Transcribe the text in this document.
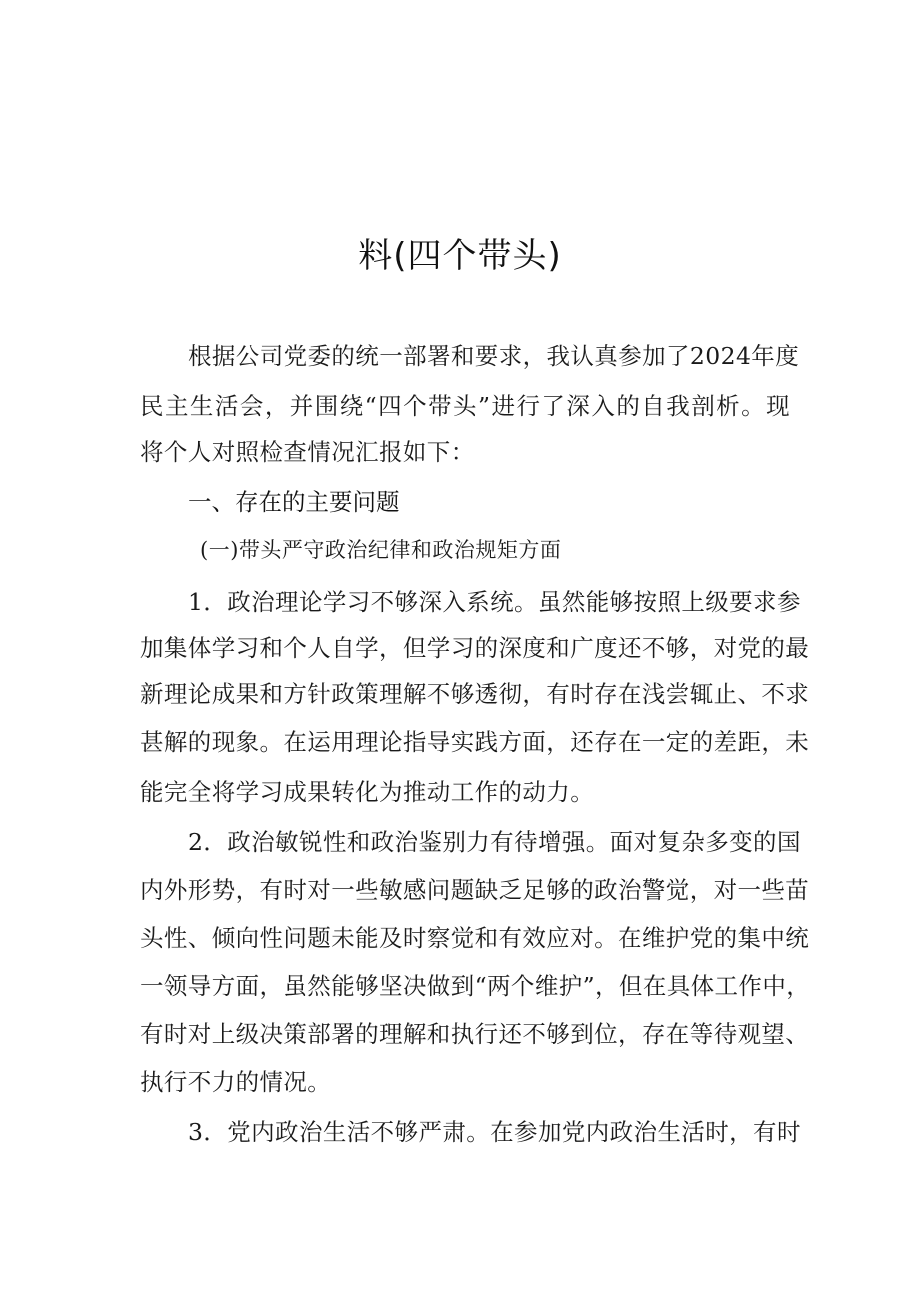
料(四个带头)
根据公司党委的统一部署和要求，我认真参加了2024年度
民主生活会，并围绕“四个带头”进行了深入的自我剖析。现
将个人对照检查情况汇报如下：
一、存在的主要问题
(一)带头严守政治纪律和政治规矩方面
1．政治理论学习不够深入系统。虽然能够按照上级要求参
加集体学习和个人自学，但学习的深度和广度还不够，对党的最
新理论成果和方针政策理解不够透彻，有时存在浅尝辄止、不求
甚解的现象。在运用理论指导实践方面，还存在一定的差距，未
能完全将学习成果转化为推动工作的动力。
2．政治敏锐性和政治鉴别力有待增强。面对复杂多变的国
内外形势，有时对一些敏感问题缺乏足够的政治警觉，对一些苗
头性、倾向性问题未能及时察觉和有效应对。在维护党的集中统
一领导方面，虽然能够坚决做到“两个维护”，但在具体工作中，
有时对上级决策部署的理解和执行还不够到位，存在等待观望、
执行不力的情况。
3．党内政治生活不够严肃。在参加党内政治生活时，有时
